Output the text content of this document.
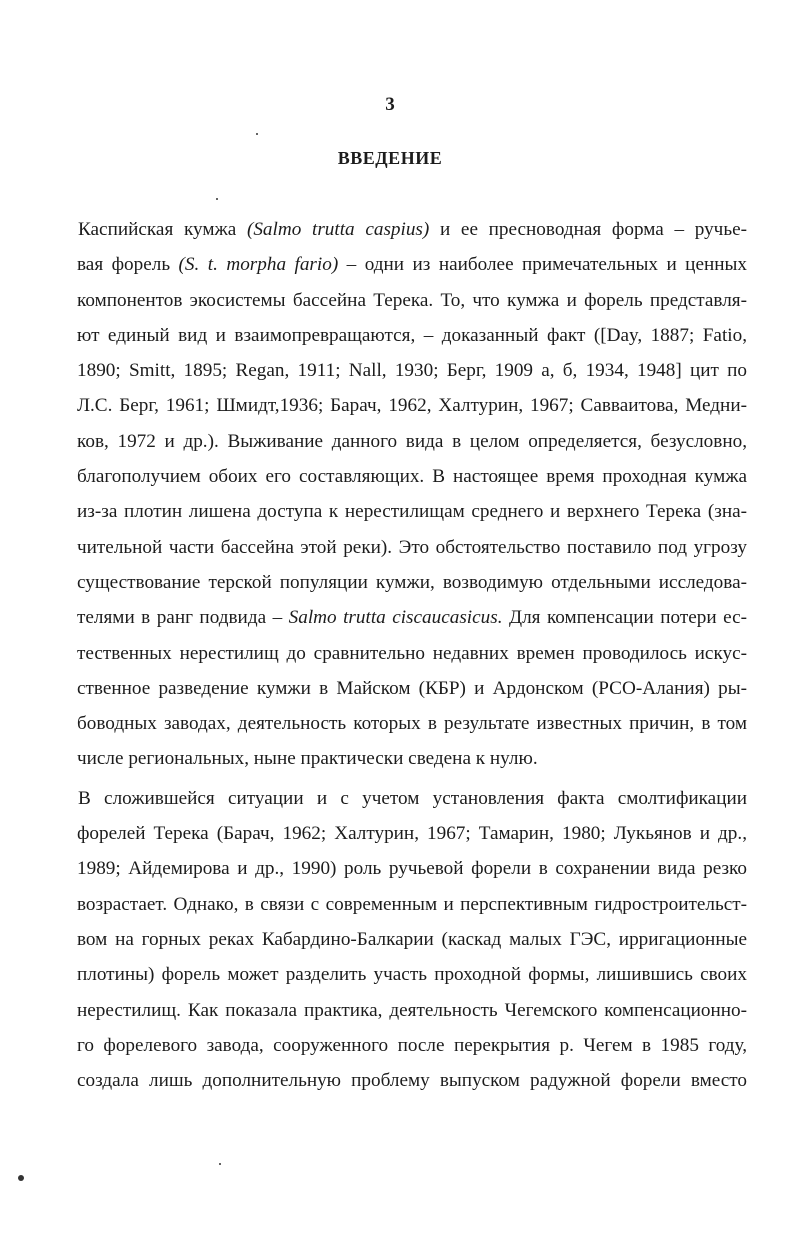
3
ВВЕДЕНИЕ
Каспийская кумжа (Salmo trutta caspius) и ее пресноводная форма – ручье-
вая форель (S. t. morpha fario) – одни из наиболее примечательных и ценных
компонентов экосистемы бассейна Терека. То, что кумжа и форель представля-
ют единый вид и взаимопревращаются, – доказанный факт ([Day, 1887; Fatio,
1890; Smitt, 1895; Regan, 1911; Nall, 1930; Берг, 1909 а, б, 1934, 1948] цит по
Л.С. Берг, 1961; Шмидт,1936; Барач, 1962, Халтурин, 1967; Савваитова, Медни-
ков, 1972 и др.). Выживание данного вида в целом определяется, безусловно,
благополучием обоих его составляющих. В настоящее время проходная кумжа
из-за плотин лишена доступа к нерестилищам среднего и верхнего Терека (зна-
чительной части бассейна этой реки). Это обстоятельство поставило под угрозу
существование терской популяции кумжи, возводимую отдельными исследова-
телями в ранг подвида – Salmo trutta ciscaucasicus. Для компенсации потери ес-
тественных нерестилищ до сравнительно недавних времен проводилось искус-
ственное разведение кумжи в Майском (КБР) и Ардонском (РСО-Алания) ры-
боводных заводах, деятельность которых в результате известных причин, в том
числе региональных, ныне практически сведена к нулю.
В сложившейся ситуации и с учетом установления факта смолтификации
форелей Терека (Барач, 1962; Халтурин, 1967; Тамарин, 1980; Лукьянов и др.,
1989; Айдемирова и др., 1990) роль ручьевой форели в сохранении вида резко
возрастает. Однако, в связи с современным и перспективным гидростроительст-
вом на горных реках Кабардино-Балкарии (каскад малых ГЭС, ирригационные
плотины) форель может разделить участь проходной формы, лишившись своих
нерестилищ. Как показала практика, деятельность Чегемского компенсационно-
го форелевого завода, сооруженного после перекрытия р. Чегем в 1985 году,
создала лишь дополнительную проблему выпуском радужной форели вместо
